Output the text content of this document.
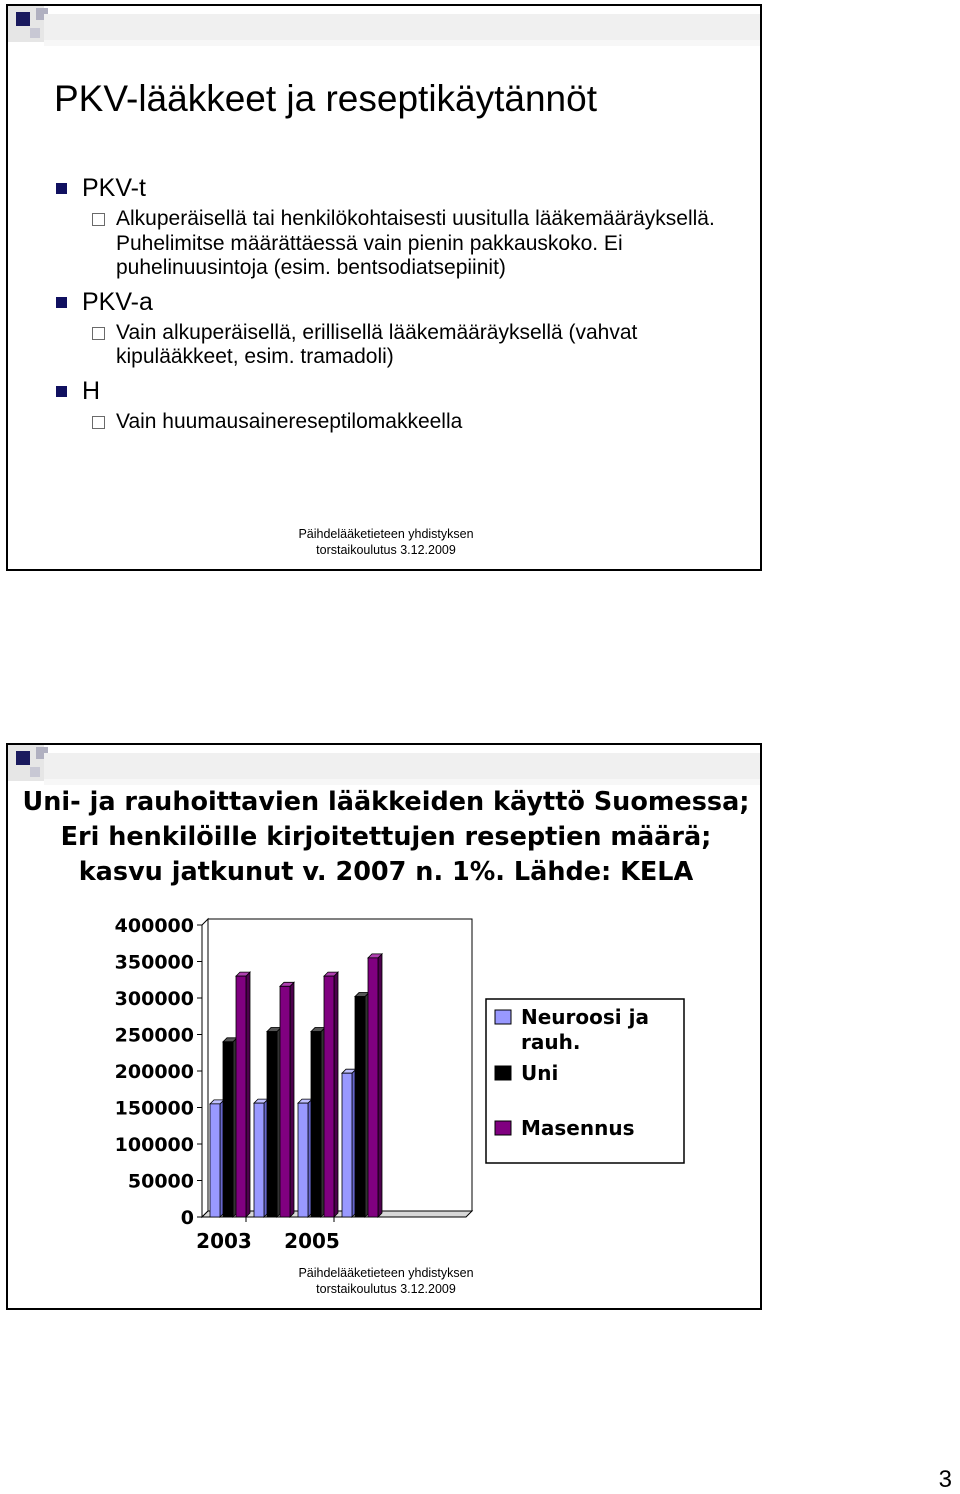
PKV-lääkkeet ja reseptikäytännöt
PKV-t
Alkuperäisellä tai henkilökohtaisesti uusitulla lääkemääräyksellä. Puhelimitse määrättäessä vain pienin pakkauskoko. Ei puhelinuusintoja (esim. bentsodiatsepiinit)
PKV-a
Vain alkuperäisellä, erillisellä lääkemääräyksellä (vahvat kipulääkkeet, esim. tramadoli)
H
Vain huumausainereseptilomakkeella
Päihdelääketieteen yhdistyksen
torstaikoulutus 3.12.2009
Uni- ja rauhoittavien lääkkeiden käyttö Suomessa;
Eri henkilöille kirjoitettujen reseptien määrä;
kasvu jatkunut v. 2007 n. 1%. Lähde: KELA
400000
350000
300000
250000
200000
150000
100000
50000
0
2003 2005
Neuroosi ja rauh.
Uni
Masennus
Päihdelääketieteen yhdistyksen
torstaikoulutus 3.12.2009
3
